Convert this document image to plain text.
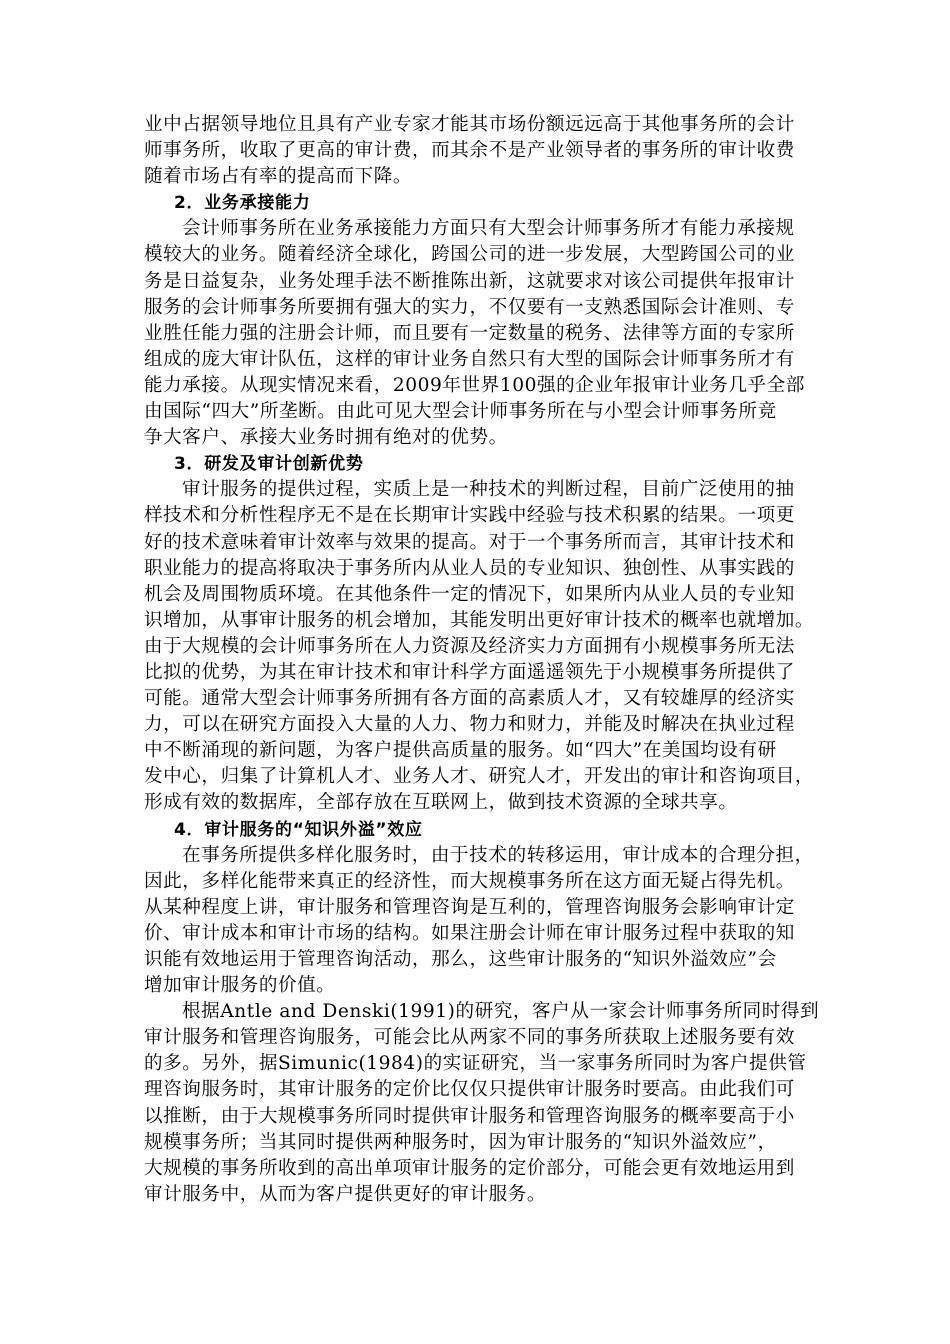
业中占据领导地位且具有产业专家才能其市场份额远远高于其他事务所的会计
师事务所，收取了更高的审计费，而其余不是产业领导者的事务所的审计收费
随着市场占有率的提高而下降。
2．业务承接能力
会计师事务所在业务承接能力方面只有大型会计师事务所才有能力承接规
模较大的业务。随着经济全球化，跨国公司的进一步发展，大型跨国公司的业
务是日益复杂，业务处理手法不断推陈出新，这就要求对该公司提供年报审计
服务的会计师事务所要拥有强大的实力，不仅要有一支熟悉国际会计准则、专
业胜任能力强的注册会计师，而且要有一定数量的税务、法律等方面的专家所
组成的庞大审计队伍，这样的审计业务自然只有大型的国际会计师事务所才有
能力承接。从现实情况来看，2009年世界100强的企业年报审计业务几乎全部
由国际“四大”所垄断。由此可见大型会计师事务所在与小型会计师事务所竞
争大客户、承接大业务时拥有绝对的优势。
3．研发及审计创新优势
审计服务的提供过程，实质上是一种技术的判断过程，目前广泛使用的抽
样技术和分析性程序无不是在长期审计实践中经验与技术积累的结果。一项更
好的技术意味着审计效率与效果的提高。对于一个事务所而言，其审计技术和
职业能力的提高将取决于事务所内从业人员的专业知识、独创性、从事实践的
机会及周围物质环境。在其他条件一定的情况下，如果所内从业人员的专业知
识增加，从事审计服务的机会增加，其能发明出更好审计技术的概率也就增加。
由于大规模的会计师事务所在人力资源及经济实力方面拥有小规模事务所无法
比拟的优势，为其在审计技术和审计科学方面遥遥领先于小规模事务所提供了
可能。通常大型会计师事务所拥有各方面的高素质人才，又有较雄厚的经济实
力，可以在研究方面投入大量的人力、物力和财力，并能及时解决在执业过程
中不断涌现的新问题，为客户提供高质量的服务。如“四大”在美国均设有研
发中心，归集了计算机人才、业务人才、研究人才，开发出的审计和咨询项目，
形成有效的数据库，全部存放在互联网上，做到技术资源的全球共享。
4．审计服务的“知识外溢”效应
在事务所提供多样化服务时，由于技术的转移运用，审计成本的合理分担，
因此，多样化能带来真正的经济性，而大规模事务所在这方面无疑占得先机。
从某种程度上讲，审计服务和管理咨询是互利的，管理咨询服务会影响审计定
价、审计成本和审计市场的结构。如果注册会计师在审计服务过程中获取的知
识能有效地运用于管理咨询活动，那么，这些审计服务的“知识外溢效应”会
增加审计服务的价值。
根据Antle and Denski(1991)的研究，客户从一家会计师事务所同时得到
审计服务和管理咨询服务，可能会比从两家不同的事务所获取上述服务要有效
的多。另外，据Simunic(1984)的实证研究，当一家事务所同时为客户提供管
理咨询服务时，其审计服务的定价比仅仅只提供审计服务时要高。由此我们可
以推断，由于大规模事务所同时提供审计服务和管理咨询服务的概率要高于小
规模事务所；当其同时提供两种服务时，因为审计服务的“知识外溢效应”，
大规模的事务所收到的高出单项审计服务的定价部分，可能会更有效地运用到
审计服务中，从而为客户提供更好的审计服务。
